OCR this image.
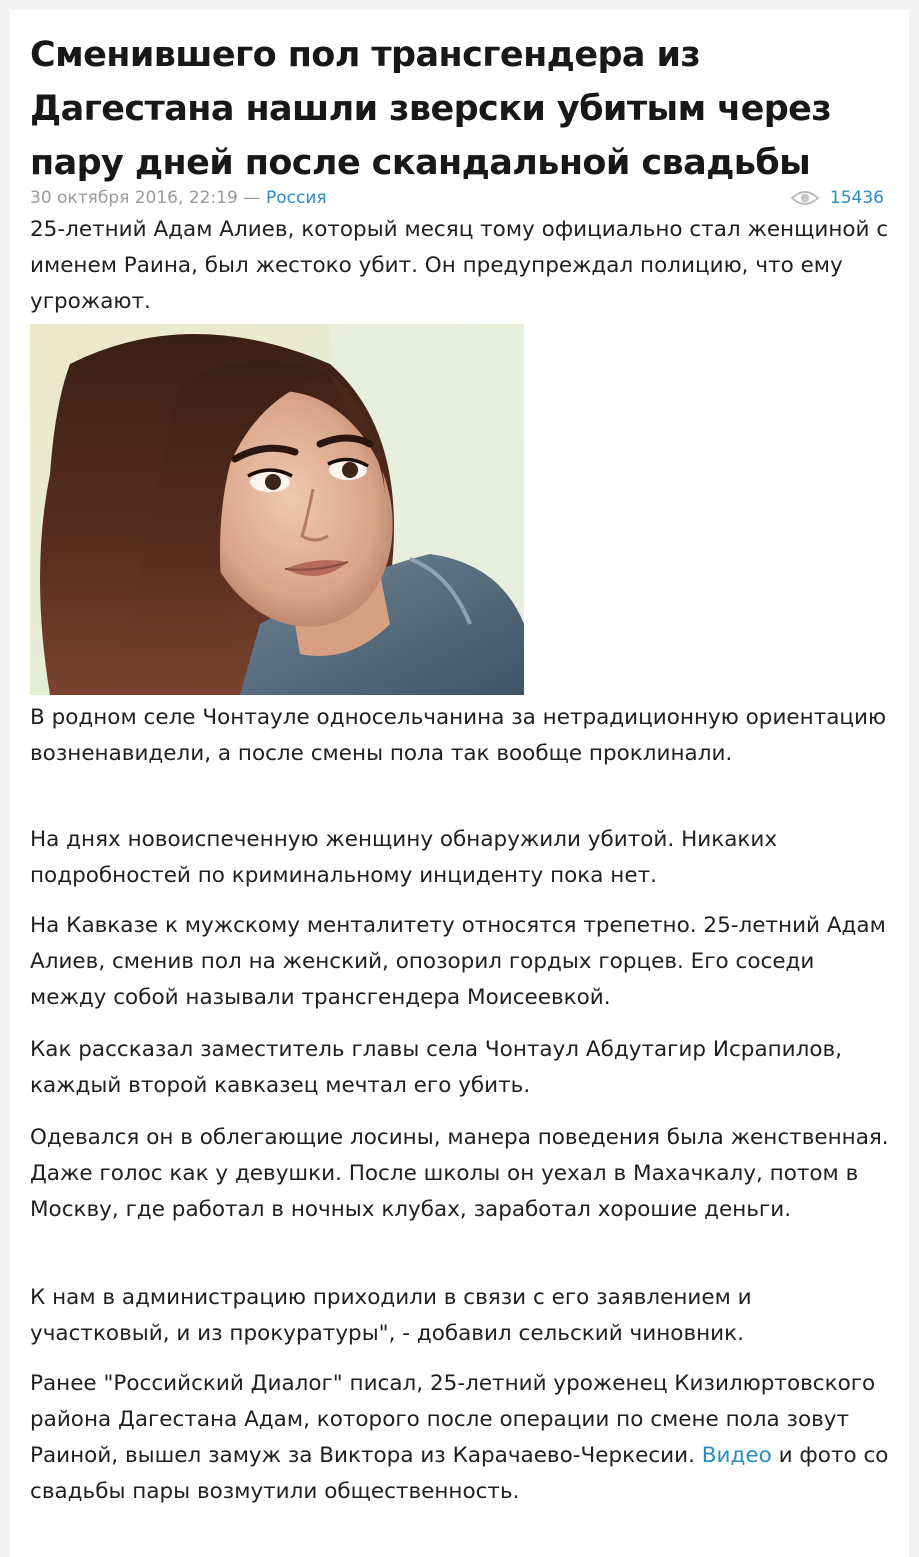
Сменившего пол трансгендера из Дагестана нашли зверски убитым через пару дней после скандальной свадьбы
30 октября 2016, 22:19 — Россия	15436

25-летний Адам Алиев, который месяц тому официально стал женщиной с именем Раина, был жестоко убит. Он предупреждал полицию, что ему угрожают.

В родном селе Чонтауле односельчанина за нетрадиционную ориентацию возненавидели, а после смены пола так вообще проклинали.

На днях новоиспеченную женщину обнаружили убитой. Никаких подробностей по криминальному инциденту пока нет.

На Кавказе к мужскому менталитету относятся трепетно. 25-летний Адам Алиев, сменив пол на женский, опозорил гордых горцев. Его соседи между собой называли трансгендера Моисеевкой.

Как рассказал заместитель главы села Чонтаул Абдутагир Исрапилов, каждый второй кавказец мечтал его убить.

Одевался он в облегающие лосины, манера поведения была женственная. Даже голос как у девушки. После школы он уехал в Махачкалу, потом в Москву, где работал в ночных клубах, заработал хорошие деньги.

К нам в администрацию приходили в связи с его заявлением и участковый, и из прокуратуры", - добавил сельский чиновник.

Ранее "Российский Диалог" писал, 25-летний уроженец Кизилюртовского района Дагестана Адам, которого после операции по смене пола зовут Раиной, вышел замуж за Виктора из Карачаево-Черкесии. Видео и фото со свадьбы пары возмутили общественность.
